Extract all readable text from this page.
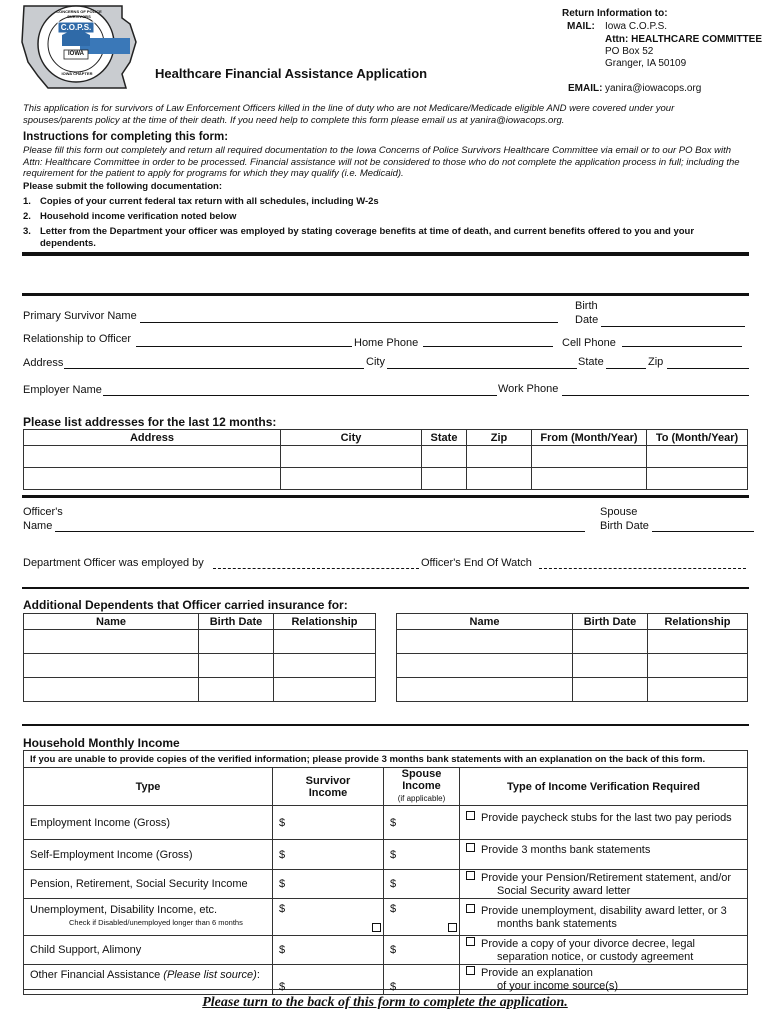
CONCERNS OF POLICE SURVIVORS
C.O.P.S.
IOWA
IOWA CHAPTER	Healthcare Financial Assistance Application
Return Information to:
MAIL: Iowa C.O.P.S.
Attn: HEALTHCARE COMMITTEE
PO Box 52
Granger, IA 50109
EMAIL: yanira@iowacops.org
This application is for survivors of Law Enforcement Officers killed in the line of duty who are not Medicare/Medicade eligible AND were covered under your spouses/parents policy at the time of their death. If you need help to complete this form please email us at yanira@iowacops.org.
Instructions for completing this form:
Please fill this form out completely and return all required documentation to the Iowa Concerns of Police Survivors Healthcare Committee via email or to our PO Box with Attn: Healthcare Committee in order to be processed. Financial assistance will not be considered to those who do not complete the application process in full; including the requirement for the patient to apply for programs for which they may qualify (i.e. Medicaid).
Please submit the following documentation:
1. Copies of your current federal tax return with all schedules, including W-2s
2. Household income verification noted below
3. Letter from the Department your officer was employed by stating coverage benefits at time of death, and current benefits offered to you and your dependents.
Primary Survivor Name
Birth
Date
Relationship to Officer	Home Phone	Cell Phone
Address	City	State	Zip
Employer Name	Work Phone
Please list addresses for the last 12 months:
Address	City	State	Zip	From (Month/Year)	To (Month/Year)

Officer's
Name
Spouse
Birth Date
Department Officer was employed by	Officer's End Of Watch
Additional Dependents that Officer carried insurance for:
Name	Birth Date	Relationship

			Name	Birth Date	Relationship

Household Monthly Income
If you are unable to provide copies of the verified information; please provide 3 months bank statements with an explanation on the back of this form.
Type	Survivor Income	Spouse Income
(if applicable)	Type of Income Verification Required
Employment Income (Gross)	$	$	Provide paycheck stubs for the last two pay periods
Self-Employment Income (Gross)	$	$	Provide 3 months bank statements
Pension, Retirement, Social Security Income	$	$	Provide your Pension/Retirement statement, and/or
Social Security award letter
Unemployment, Disability Income, etc.
Check if Disabled/unemployed longer than 6 months	$	$	Provide unemployment, disability award letter, or 3
months bank statements
Child Support, Alimony	$	$	Provide a copy of your divorce decree, legal
separation notice, or custody agreement
Other Financial Assistance (Please list source):	$	$	Provide an explanation
of your income source(s)
Please turn to the back of this form to complete the application.
